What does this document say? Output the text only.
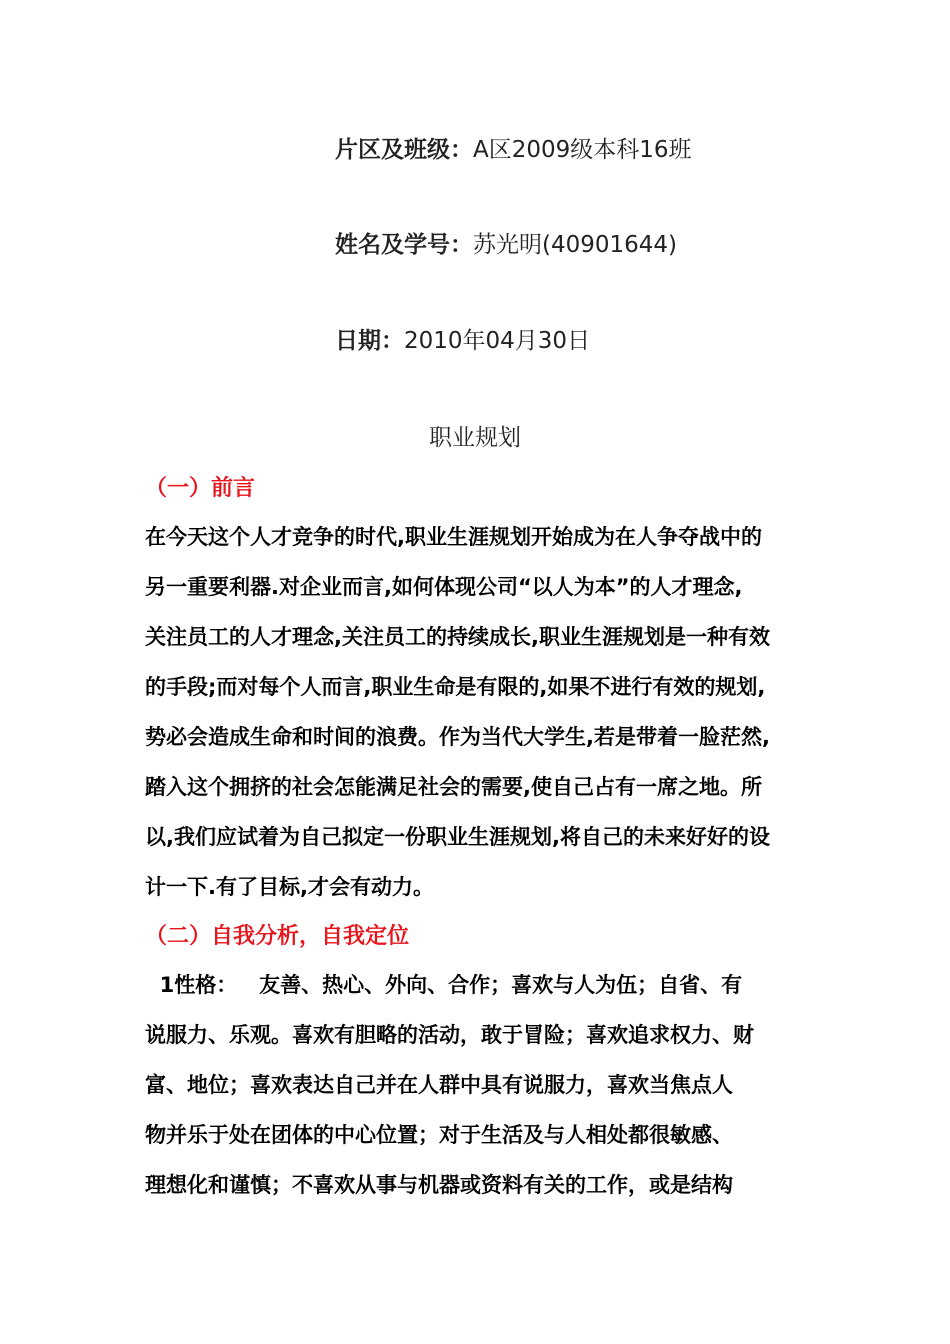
片区及班级：A区2009级本科16班
姓名及学号：苏光明(40901644)
日期：2010年04月30日
职业规划
（一）前言
在今天这个人才竞争的时代,职业生涯规划开始成为在人争夺战中的
另一重要利器.对企业而言,如何体现公司“以人为本”的人才理念,
关注员工的人才理念,关注员工的持续成长,职业生涯规划是一种有效
的手段;而对每个人而言,职业生命是有限的,如果不进行有效的规划,
势必会造成生命和时间的浪费。作为当代大学生,若是带着一脸茫然,
踏入这个拥挤的社会怎能满足社会的需要,使自己占有一席之地。所
以,我们应试着为自己拟定一份职业生涯规划,将自己的未来好好的设
计一下.有了目标,才会有动力。
（二）自我分析，自我定位
1性格：   友善、热心、外向、合作；喜欢与人为伍；自省、有
说服力、乐观。喜欢有胆略的活动，敢于冒险；喜欢追求权力、财
富、地位；喜欢表达自己并在人群中具有说服力，喜欢当焦点人
物并乐于处在团体的中心位置；对于生活及与人相处都很敏感、
理想化和谨慎；不喜欢从事与机器或资料有关的工作，或是结构
